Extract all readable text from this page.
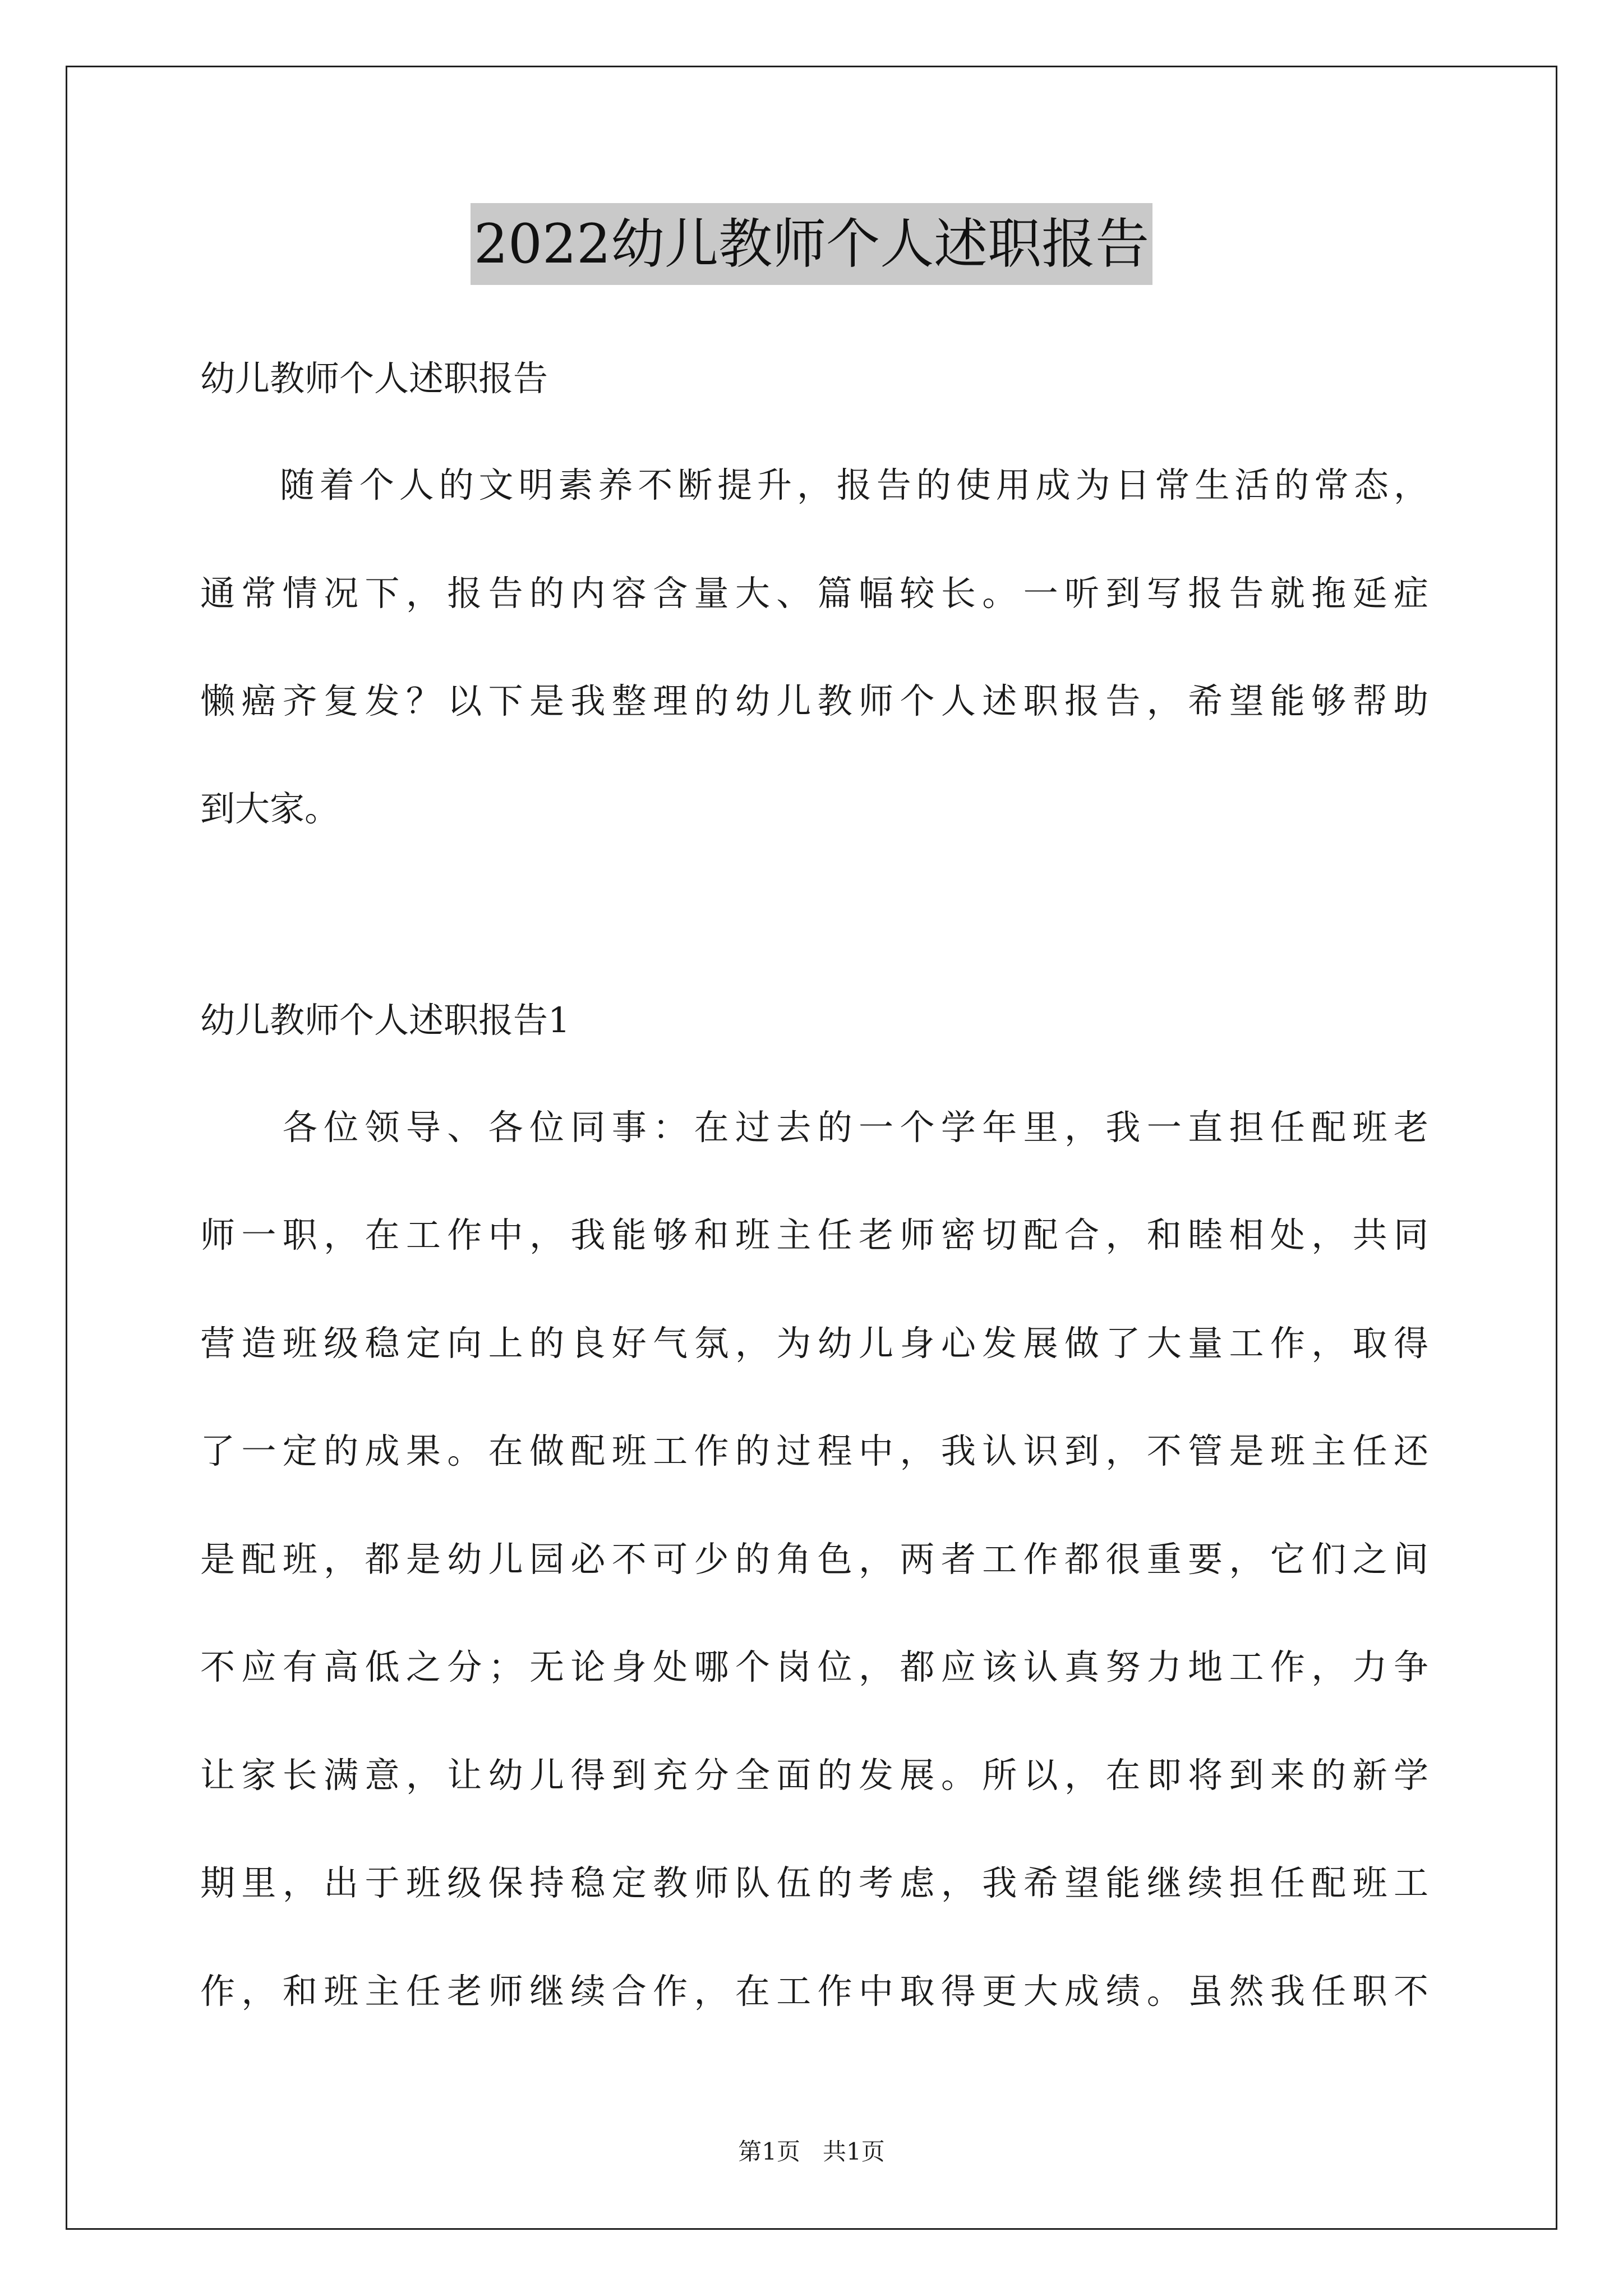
2022幼儿教师个人述职报告
幼儿教师个人述职报告
　　随着个人的文明素养不断提升，报告的使用成为日常生活的常态，
通常情况下，报告的内容含量大、篇幅较长。一听到写报告就拖延症
懒癌齐复发？以下是我整理的幼儿教师个人述职报告，希望能够帮助
到大家。
幼儿教师个人述职报告1
　　各位领导、各位同事：在过去的一个学年里，我一直担任配班老
师一职，在工作中，我能够和班主任老师密切配合，和睦相处，共同
营造班级稳定向上的良好气氛，为幼儿身心发展做了大量工作，取得
了一定的成果。在做配班工作的过程中，我认识到，不管是班主任还
是配班，都是幼儿园必不可少的角色，两者工作都很重要，它们之间
不应有高低之分；无论身处哪个岗位，都应该认真努力地工作，力争
让家长满意，让幼儿得到充分全面的发展。所以，在即将到来的新学
期里，出于班级保持稳定教师队伍的考虑，我希望能继续担任配班工
作，和班主任老师继续合作，在工作中取得更大成绩。虽然我任职不
第1页 共1页
